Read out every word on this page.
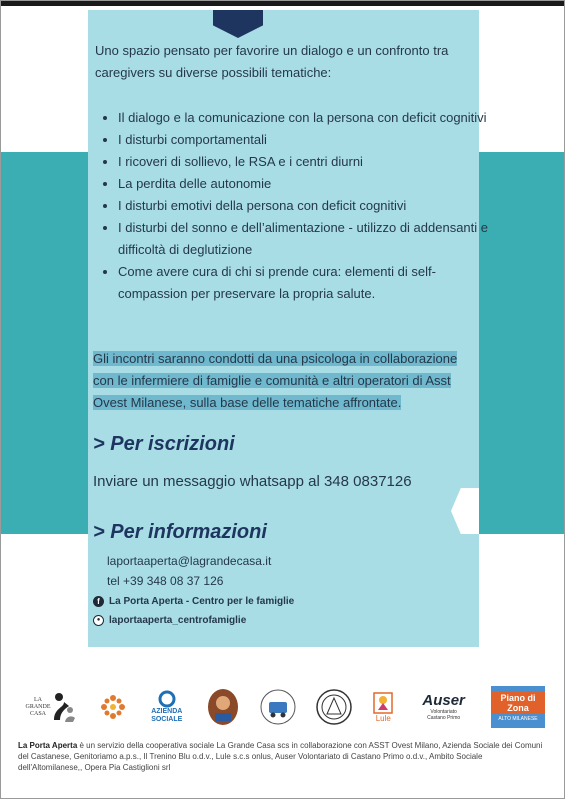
Uno spazio pensato per favorire un dialogo e un confronto tra caregivers su diverse possibili tematiche:

• Il dialogo e la comunicazione con la persona con deficit cognitivi
• I disturbi comportamentali
• I ricoveri di sollievo, le RSA e i centri diurni
• La perdita delle autonomie
• I disturbi emotivi della persona con deficit cognitivi
• I disturbi del sonno e dell’alimentazione - utilizzo di addensanti e difficoltà di deglutizione
• Come avere cura di chi si prende cura: elementi di self-compassion per preservare la propria salute.

Gli incontri saranno condotti da una psicologa in collaborazione con le infermiere di famiglie e comunità e altri operatori di Asst Ovest Milanese, sulla base delle tematiche affrontate.

> Per iscrizioni

Inviare un messaggio whatsapp al 348 0837126

> Per informazioni

laportaaperta@lagrandecasa.it

tel +39 348 08 37 126

f La Porta Aperta - Centro per le famiglie

● laportaaperta_centrofamiglie

LA GRANDE CASA	AZIENDA SOCIALE	Lule
Auser
Volontariato Castano Primo
Piano di Zona
ALTO MILANESE

La Porta Aperta è un servizio della cooperativa sociale La Grande Casa scs in collaborazione con ASST Ovest Milano, Azienda Sociale dei Comuni del Castanese, Genitoriamo a.p.s., Il Trenino Blu o.d.v., Lule s.c.s onlus, Auser Volontariato di Castano Primo o.d.v., Ambito Sociale dell'Altomilanese,, Opera Pia Castiglioni srl
